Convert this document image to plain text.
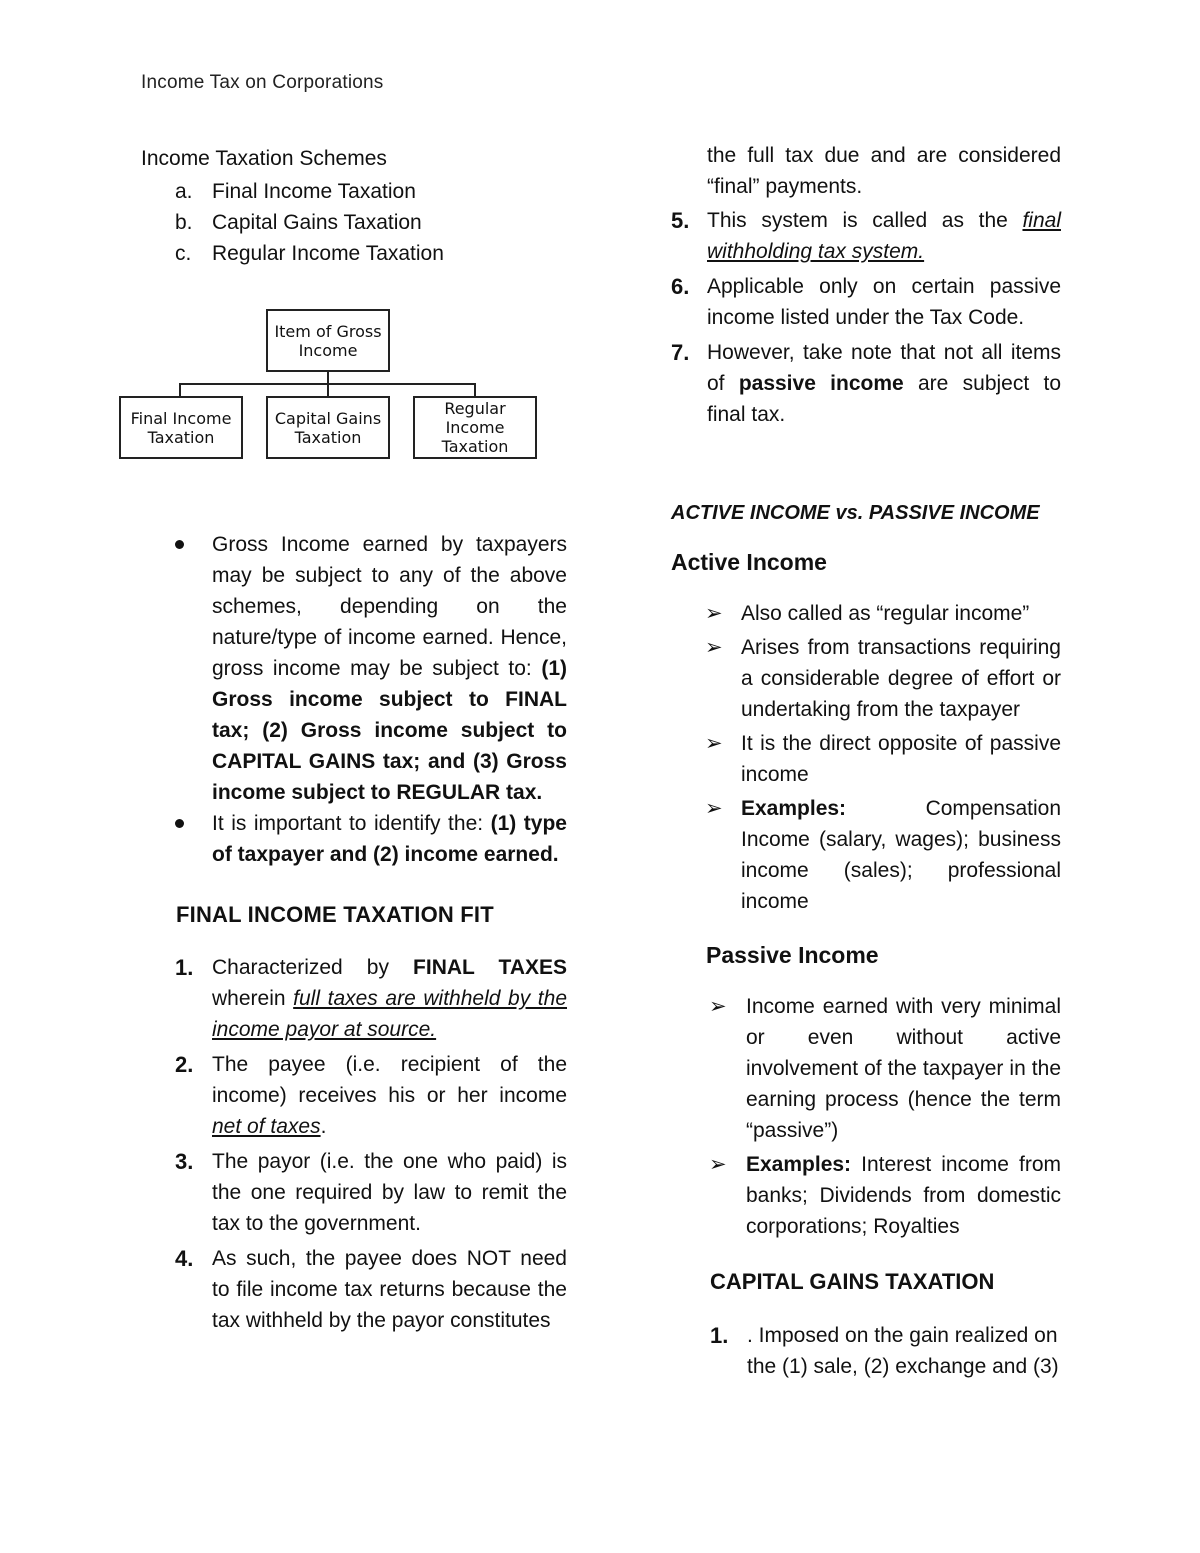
Income Tax on Corporations
Income Taxation Schemes
a. Final Income Taxation
b. Capital Gains Taxation
c. Regular Income Taxation
Item of Gross Income
Final Income Taxation
Capital Gains Taxation
Regular Income Taxation
Gross Income earned by taxpayers may be subject to any of the above schemes, depending on the nature/type of income earned. Hence, gross income may be subject to: (1) Gross income subject to FINAL tax; (2) Gross income subject to CAPITAL GAINS tax; and (3) Gross income subject to REGULAR tax.
It is important to identify the: (1) type of taxpayer and (2) income earned.
FINAL INCOME TAXATION FIT
1. Characterized by FINAL TAXES wherein full taxes are withheld by the income payor at source.
2. The payee (i.e. recipient of the income) receives his or her income net of taxes.
3. The payor (i.e. the one who paid) is the one required by law to remit the tax to the government.
4. As such, the payee does NOT need to file income tax returns because the tax withheld by the payor constitutes
the full tax due and are considered “final” payments.
5. This system is called as the final withholding tax system.
6. Applicable only on certain passive income listed under the Tax Code.
7. However, take note that not all items of passive income are subject to final tax.
ACTIVE INCOME vs. PASSIVE INCOME
Active Income
➢ Also called as “regular income”
➢ Arises from transactions requiring a considerable degree of effort or undertaking from the taxpayer
➢ It is the direct opposite of passive income
➢ Examples: Compensation Income (salary, wages); business income (sales); professional income
Passive Income
➢ Income earned with very minimal or even without active involvement of the taxpayer in the earning process (hence the term “passive”)
➢ Examples: Interest income from banks; Dividends from domestic corporations; Royalties
CAPITAL GAINS TAXATION
1. . Imposed on the gain realized on the (1) sale, (2) exchange and (3)
